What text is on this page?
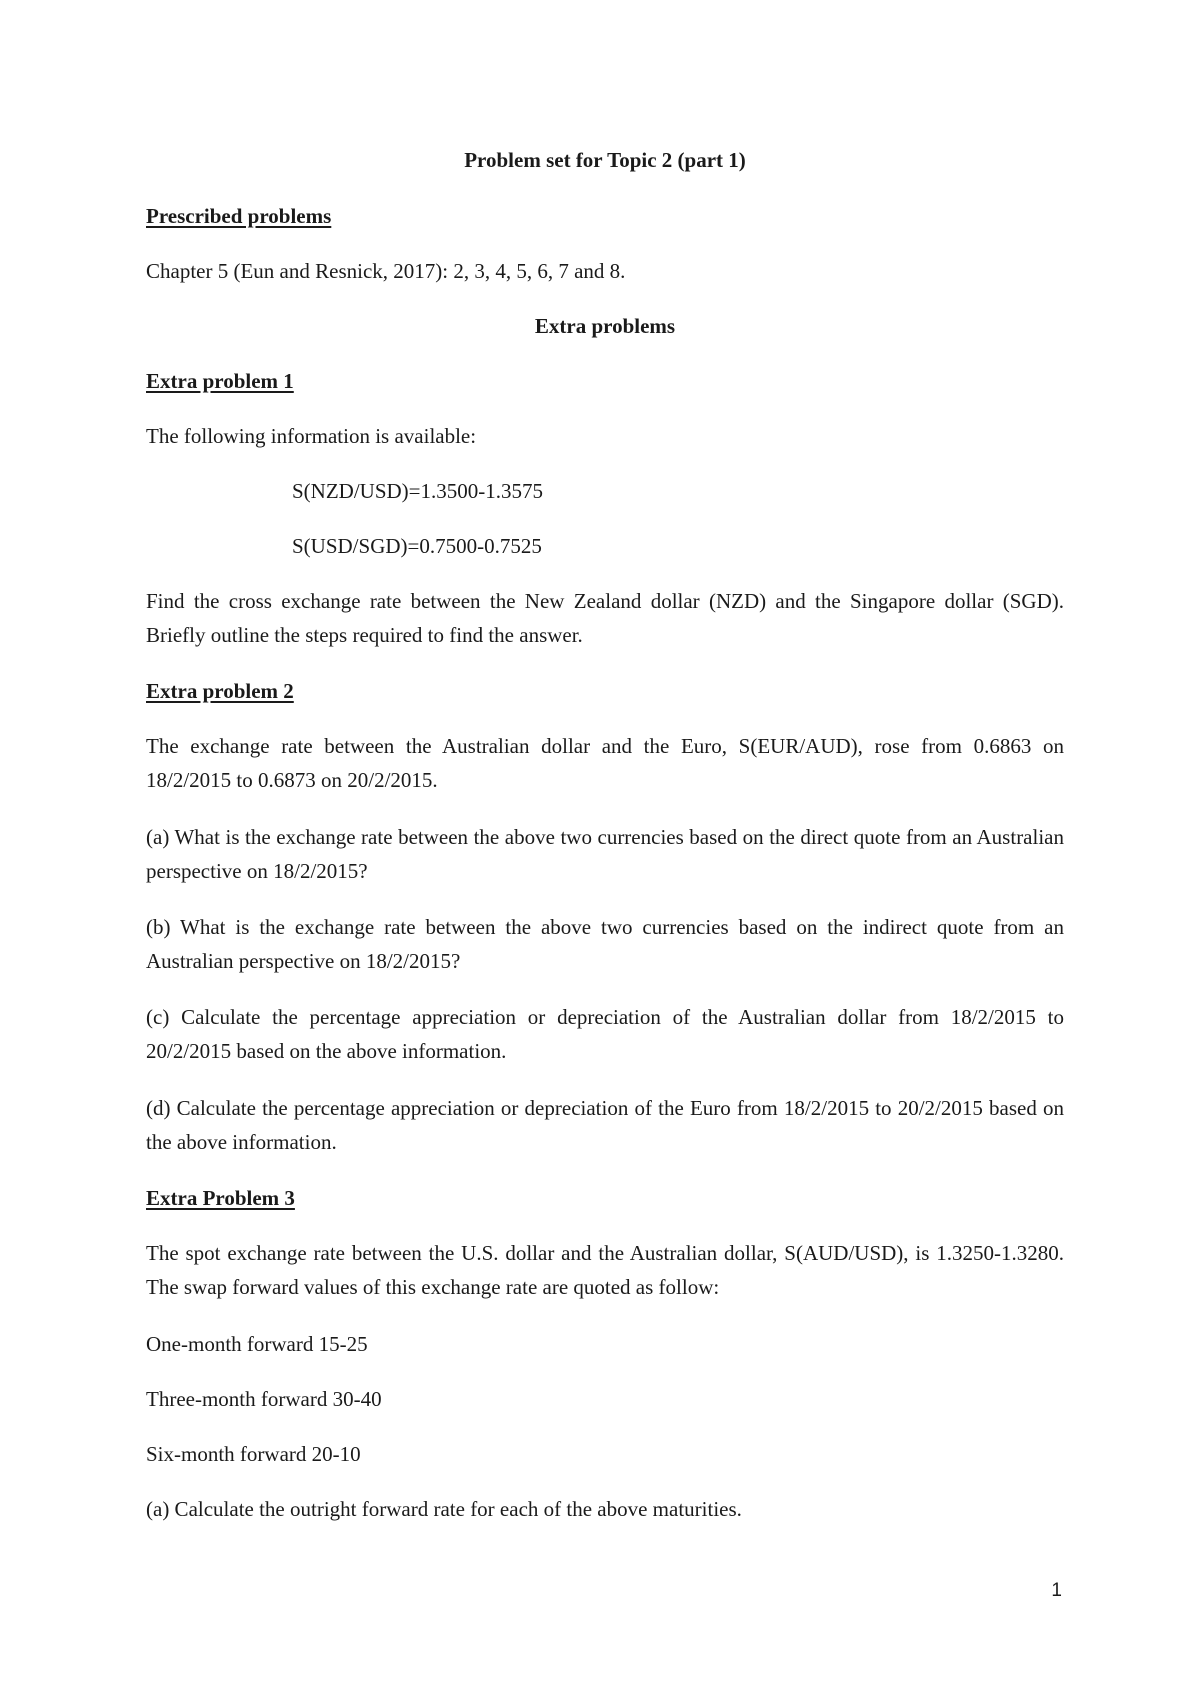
Problem set for Topic 2 (part 1)
Prescribed problems
Chapter 5 (Eun and Resnick, 2017): 2, 3, 4, 5, 6, 7 and 8.
Extra problems
Extra problem 1
The following information is available:
S(NZD/USD)=1.3500-1.3575
S(USD/SGD)=0.7500-0.7525
Find the cross exchange rate between the New Zealand dollar (NZD) and the Singapore dollar (SGD). Briefly outline the steps required to find the answer.
Extra problem 2
The exchange rate between the Australian dollar and the Euro, S(EUR/AUD), rose from 0.6863 on 18/2/2015 to 0.6873 on 20/2/2015.
(a) What is the exchange rate between the above two currencies based on the direct quote from an Australian perspective on 18/2/2015?
(b) What is the exchange rate between the above two currencies based on the indirect quote from an Australian perspective on 18/2/2015?
(c) Calculate the percentage appreciation or depreciation of the Australian dollar from 18/2/2015 to 20/2/2015 based on the above information.
(d) Calculate the percentage appreciation or depreciation of the Euro from 18/2/2015 to 20/2/2015 based on the above information.
Extra Problem 3
The spot exchange rate between the U.S. dollar and the Australian dollar, S(AUD/USD), is 1.3250-1.3280. The swap forward values of this exchange rate are quoted as follow:
One-month forward 15-25
Three-month forward 30-40
Six-month forward 20-10
(a) Calculate the outright forward rate for each of the above maturities.
1
